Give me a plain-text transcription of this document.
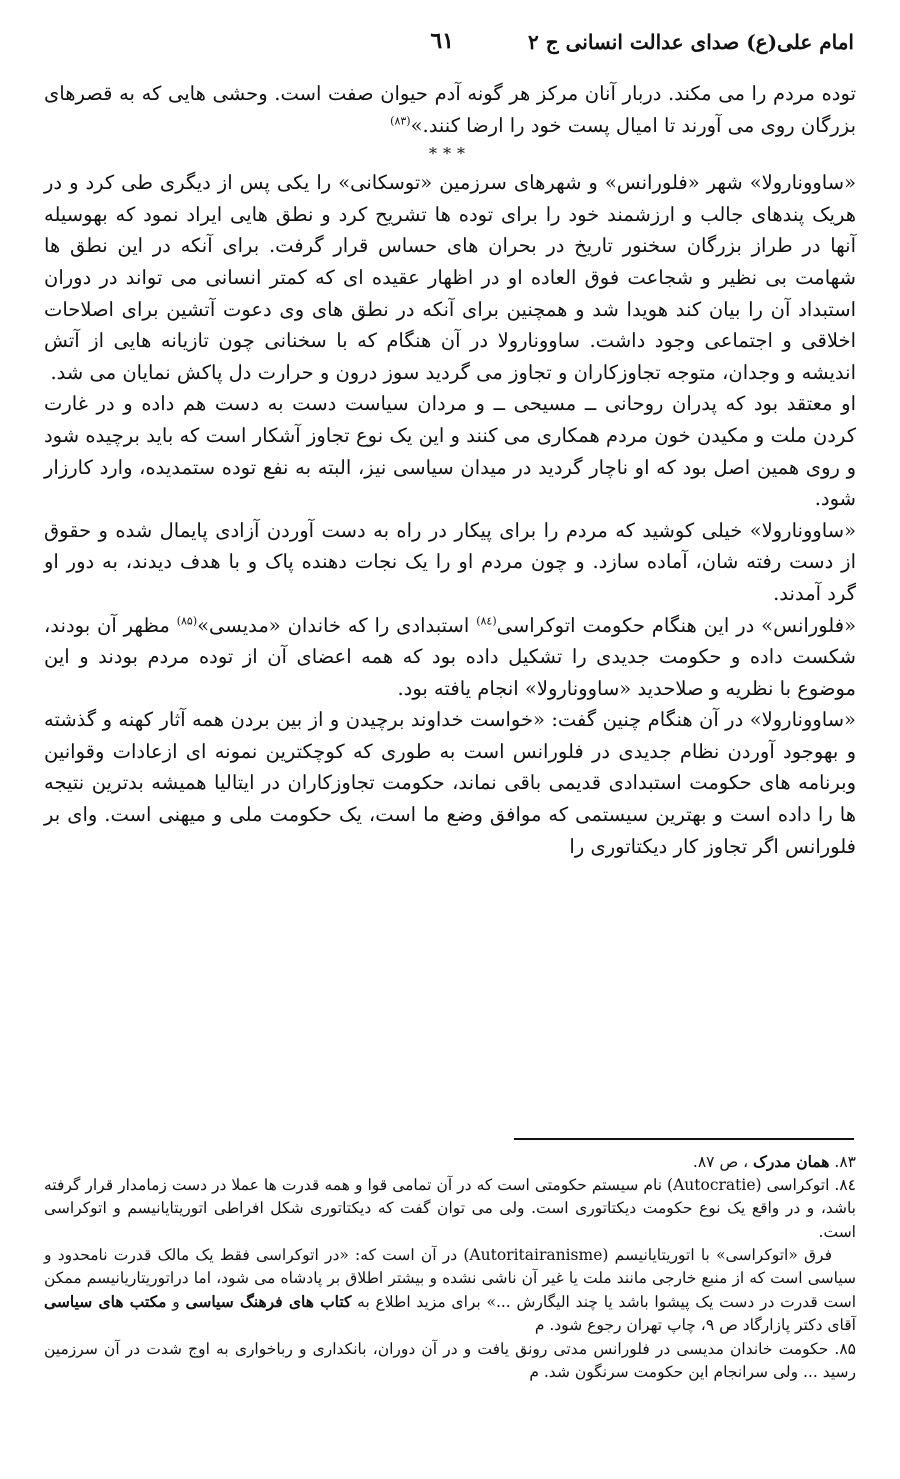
امام علی(ع) صدای عدالت انسانی ج ۲
٦١

توده مردم را می مکند. دربار آنان مرکز هر گونه آدم حیوان صفت است. وحشی هایی که به قصرهای بزرگان روی می آورند تا امیال پست خود را ارضا کنند.»$^{(۸۳)}$

***

«ساوونارولا» شهر «فلورانس» و شهرهای سرزمین «توسکانی» را یکی پس از دیگری طی کرد و در هریک پندهای جالب و ارزشمند خود را برای توده ها تشریح کرد و نطق هایی ایراد نمود که بهوسیله آنها در طراز بزرگان سخنور تاریخ در بحران های حساس قرار گرفت. برای آنکه در این نطق ها شهامت بی نظیر و شجاعت فوق العاده او در اظهار عقیده ای که کمتر انسانی می تواند در دوران استبداد آن را بیان کند هویدا شد و همچنین برای آنکه در نطق های وی دعوت آتشین برای اصلاحات اخلاقی و اجتماعی وجود داشت. ساوونارولا در آن هنگام که با سخنانی چون تازیانه هایی از آتش اندیشه و وجدان، متوجه تجاوزکاران و تجاوز می گردید سوز درون و حرارت دل پاکش نمایان می شد.

او معتقد بود که پدران روحانی ــ مسیحی ــ و مردان سیاست دست به دست هم داده و در غارت کردن ملت و مکیدن خون مردم همکاری می کنند و این یک نوع تجاوز آشکار است که باید برچیده شود و روی همین اصل بود که او ناچار گردید در میدان سیاسی نیز، البته به نفع توده ستمدیده، وارد کارزار شود.

«ساوونارولا» خیلی کوشید که مردم را برای پیکار در راه به دست آوردن آزادی پایمال شده و حقوق از دست رفته شان، آماده سازد. و چون مردم او را یک نجات دهنده پاک و با هدف دیدند، به دور او گرد آمدند.

«فلورانس» در این هنگام حکومت اتوکراسی$^{(۸٤)}$ استبدادی را که خاندان «مدیسی»$^{(۸۵)}$ مظهر آن بودند، شکست داده و حکومت جدیدی را تشکیل داده بود که همه اعضای آن از توده مردم بودند و این موضوع با نظریه و صلاحدید «ساوونارولا» انجام یافته بود.

«ساوونارولا» در آن هنگام چنین گفت: «خواست خداوند برچیدن و از بین بردن همه آثار کهنه و گذشته و بهوجود آوردن نظام جدیدی در فلورانس است به طوری که کوچکترین نمونه ای ازعادات وقوانین وبرنامه های حکومت استبدادی قدیمی باقی نماند، حکومت تجاوزکاران در ایتالیا همیشه بدترین نتیجه ها را داده است و بهترین سیستمی که موافق وضع ما است، یک حکومت ملی و میهنی است. وای بر فلورانس اگر تجاوز کار دیکتاتوری را

۸۳. همان مدرک ، ص ۸۷.

۸٤. اتوکراسی (Autocratie) نام سیستم حکومتی است که در آن تمامی قوا و همه قدرت ها عملا در دست زمامدار قرار گرفته باشد، و در واقع یک نوع حکومت دیکتاتوری است. ولی می توان گفت که دیکتاتوری شکل افراطی اتوریتایانیسم و اتوکراسی است.

فرق «اتوکراسی» با اتوریتایانیسم (Autoritairanisme) در آن است که: «در اتوکراسی فقط یک مالک قدرت نامحدود و سیاسی است که از منبع خارجی مانند ملت یا غیر آن ناشی نشده و بیشتر اطلاق بر پادشاه می شود، اما دراتوریتاریانیسم ممکن است قدرت در دست یک پیشوا باشد یا چند الیگارش ...» برای مزید اطلاع به کتاب های فرهنگ سیاسی و مکتب های سیاسی آقای دکتر پازارگاد ص ۹، چاپ تهران رجوع شود. م

۸۵. حکومت خاندان مدیسی در فلورانس مدتی رونق یافت و در آن دوران، بانکداری و رباخواری به اوج شدت در آن سرزمین رسید ... ولی سرانجام این حکومت سرنگون شد. م
